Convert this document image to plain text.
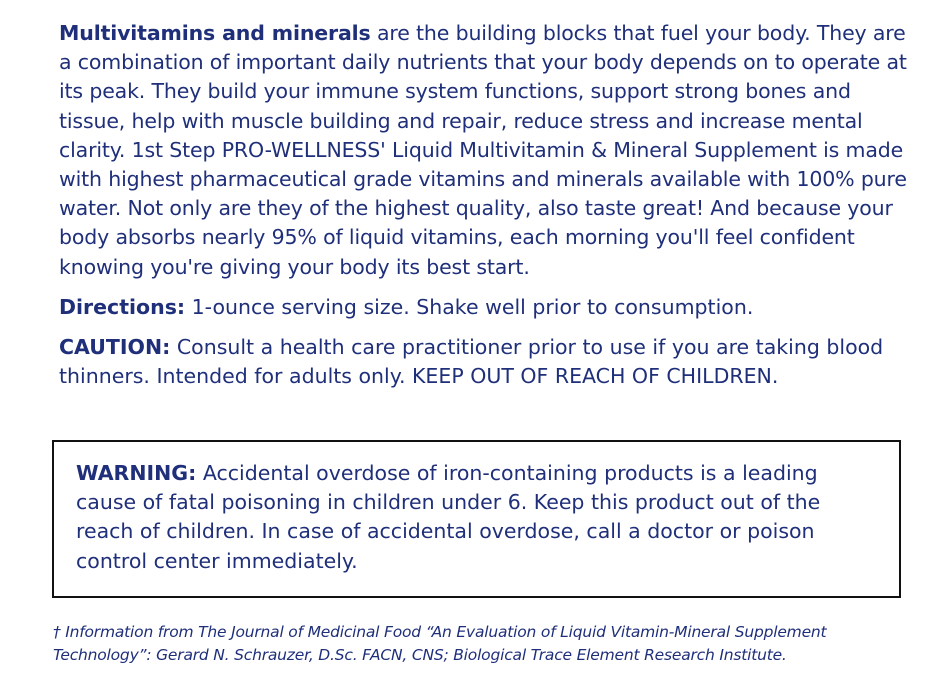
Multivitamins and minerals are the building blocks that fuel your body. They are a combination of important daily nutrients that your body depends on to operate at its peak. They build your immune system functions, support strong bones and tissue, help with muscle building and repair, reduce stress and increase mental clarity. 1st Step PRO-WELLNESS' Liquid Multivitamin & Mineral Supplement is made with highest pharmaceutical grade vitamins and minerals available with 100% pure water. Not only are they of the highest quality, also taste great! And because your body absorbs nearly 95% of liquid vitamins, each morning you'll feel confident knowing you're giving your body its best start.

Directions: 1-ounce serving size. Shake well prior to consumption.

CAUTION: Consult a health care practitioner prior to use if you are taking blood thinners. Intended for adults only. KEEP OUT OF REACH OF CHILDREN.

WARNING: Accidental overdose of iron-containing products is a leading cause of fatal poisoning in children under 6. Keep this product out of the reach of children. In case of accidental overdose, call a doctor or poison control center immediately.

† Information from The Journal of Medicinal Food “An Evaluation of Liquid Vitamin-Mineral Supplement Technology”: Gerard N. Schrauzer, D.Sc. FACN, CNS; Biological Trace Element Research Institute.
